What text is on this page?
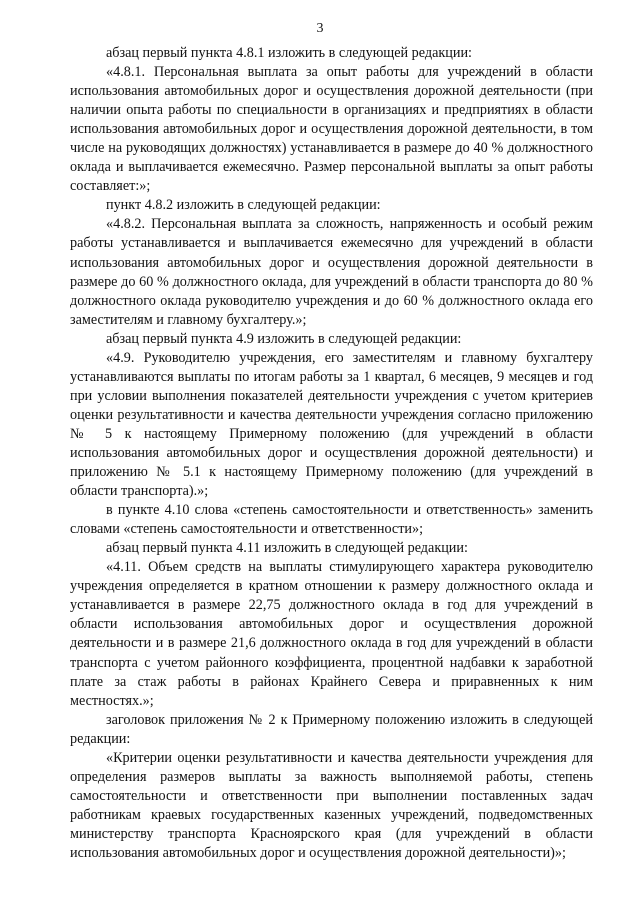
3

абзац первый пункта 4.8.1 изложить в следующей редакции:

«4.8.1. Персональная выплата за опыт работы для учреждений в области использования автомобильных дорог и осуществления дорожной деятельности (при наличии опыта работы по специальности в организациях и предприятиях в области использования автомобильных дорог и осуществления дорожной деятельности, в том числе на руководящих должностях) устанавливается в размере до 40 % должностного оклада и выплачивается ежемесячно. Размер персональной выплаты за опыт работы составляет:»;

пункт 4.8.2 изложить в следующей редакции:

«4.8.2. Персональная выплата за сложность, напряженность и особый режим работы устанавливается и выплачивается ежемесячно для учреждений в области использования автомобильных дорог и осуществления дорожной деятельности в размере до 60 % должностного оклада, для учреждений в области транспорта до 80 % должностного оклада руководителю учреждения и до 60 % должностного оклада его заместителям и главному бухгалтеру.»;

абзац первый пункта 4.9 изложить в следующей редакции:

«4.9. Руководителю учреждения, его заместителям и главному бухгалтеру устанавливаются выплаты по итогам работы за 1 квартал, 6 месяцев, 9 месяцев и год при условии выполнения показателей деятельности учреждения с учетом критериев оценки результативности и качества деятельности учреждения согласно приложению № 5 к настоящему Примерному положению (для учреждений в области использования автомобильных дорог и осуществления дорожной деятельности) и приложению № 5.1 к настоящему Примерному положению (для учреждений в области транспорта).»;

в пункте 4.10 слова «степень самостоятельности и ответственность» заменить словами «степень самостоятельности и ответственности»;

абзац первый пункта 4.11 изложить в следующей редакции:

«4.11. Объем средств на выплаты стимулирующего характера руководителю учреждения определяется в кратном отношении к размеру должностного оклада и устанавливается в размере 22,75 должностного оклада в год для учреждений в области использования автомобильных дорог и осуществления дорожной деятельности и в размере 21,6 должностного оклада в год для учреждений в области транспорта с учетом районного коэффициента, процентной надбавки к заработной плате за стаж работы в районах Крайнего Севера и приравненных к ним местностях.»;

заголовок приложения № 2 к Примерному положению изложить в следующей редакции:

«Критерии оценки результативности и качества деятельности учреждения для определения размеров выплаты за важность выполняемой работы, степень самостоятельности и ответственности при выполнении поставленных задач работникам краевых государственных казенных учреждений, подведомственных министерству транспорта Красноярского края (для учреждений в области использования автомобильных дорог и осуществления дорожной деятельности)»;
